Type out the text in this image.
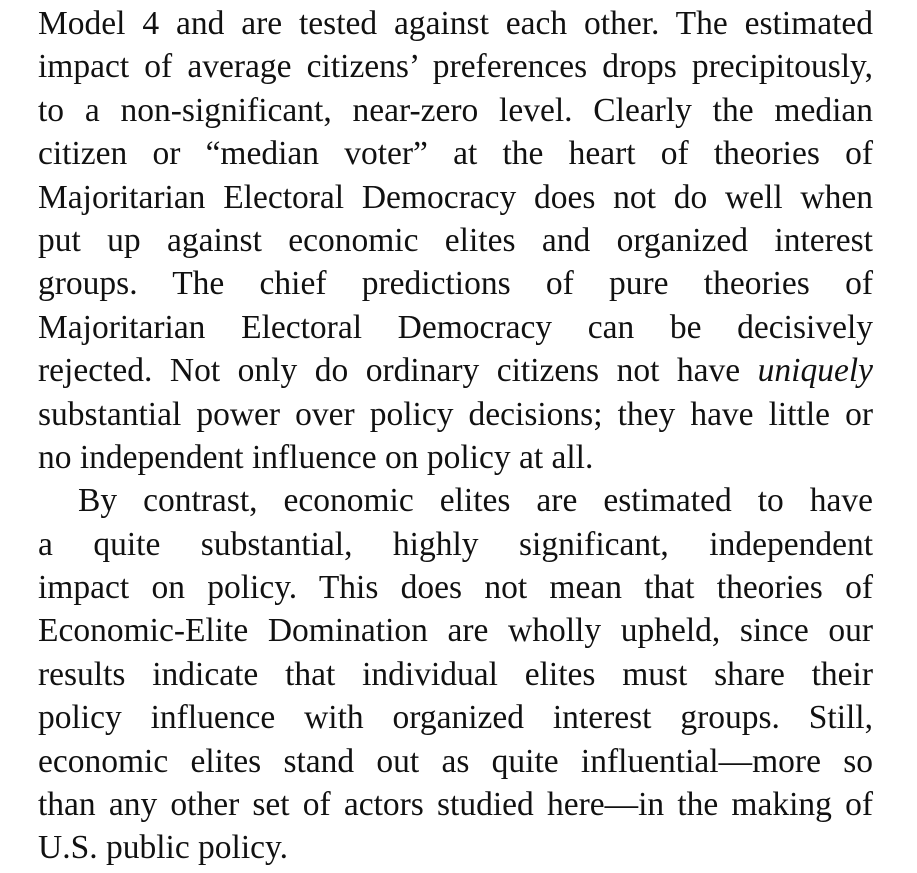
Model 4 and are tested against each other. The estimated
impact of average citizens’ preferences drops precipitously,
to a non-significant, near-zero level. Clearly the median
citizen or “median voter” at the heart of theories of
Majoritarian Electoral Democracy does not do well when
put up against economic elites and organized interest
groups. The chief predictions of pure theories of
Majoritarian Electoral Democracy can be decisively
rejected. Not only do ordinary citizens not have uniquely
substantial power over policy decisions; they have little or
no independent influence on policy at all.
By contrast, economic elites are estimated to have
a quite substantial, highly significant, independent
impact on policy. This does not mean that theories of
Economic-Elite Domination are wholly upheld, since our
results indicate that individual elites must share their
policy influence with organized interest groups. Still,
economic elites stand out as quite influential—more so
than any other set of actors studied here—in the making of
U.S. public policy.
